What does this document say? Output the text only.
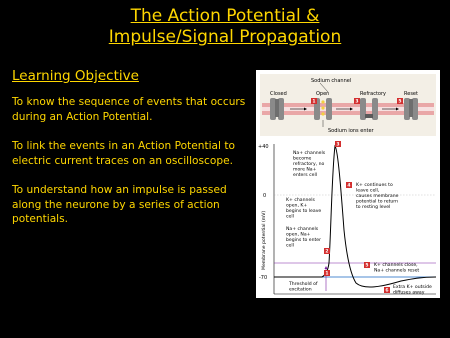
The Action Potential &
Impulse/Signal Propagation
Learning Objective

To know the sequence of events that occurs during an Action Potential.

To link the events in an Action Potential to electric current traces on an oscilloscope.

To understand how an impulse is passed along the neurone by a series of action potentials.

Sodium channel
Closed	Open	Refractory	Reset
1	3	5
Sodium ions enter
Membrane potential (mV)
+40
0
-70
1
2
3
4
5
6
Na+ channels
become
refractory, no
more Na+
enters cell
K+ channels
open, K+
begins to leave
cell
Na+ channels
open, Na+
begins to enter
cell
Threshold of
excitation
K+ continues to
leave cell,
causes membrane
potential to return
to resting level
K+ channels close,
Na+ channels reset
Extra K+ outside
diffuses away
